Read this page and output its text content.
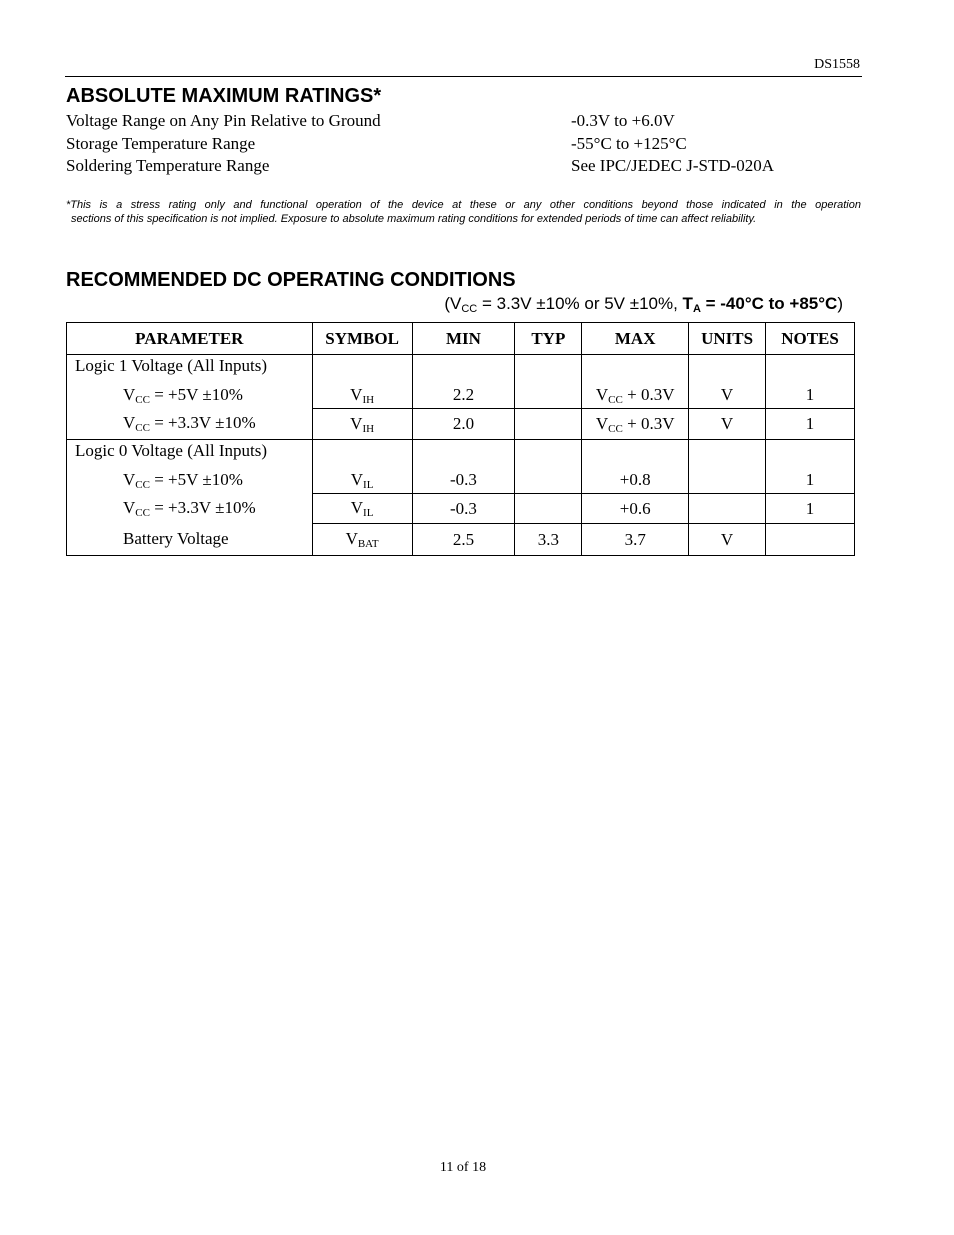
DS1558
ABSOLUTE MAXIMUM RATINGS*
Voltage Range on Any Pin Relative to Ground	-0.3V to +6.0V
Storage Temperature Range	-55°C to +125°C
Soldering Temperature Range	See IPC/JEDEC J-STD-020A
*This is a stress rating only and functional operation of the device at these or any other conditions beyond those indicated in the operation
sections of this specification is not implied. Exposure to absolute maximum rating conditions for extended periods of time can affect reliability.
RECOMMENDED DC OPERATING CONDITIONS
($V_{CC} = 3.3V \pm 10\%$ or 5V ±10%, $T_A = -40^\circ C$ to +85°C)
PARAMETER	SYMBOL	MIN	TYP	MAX	UNITS	NOTES
Logic 1 Voltage (All Inputs)						
$V_{CC} = +5V \pm 10\%$	$V_{IH}$	2.2		$V_{CC} + 0.3V$	V	1
$V_{CC} = +3.3V \pm 10\%$	$V_{IH}$	2.0		$V_{CC} + 0.3V$	V	1
Logic 0 Voltage (All Inputs)						
$V_{CC} = +5V \pm 10\%$	$V_{IL}$	-0.3		+0.8		1
$V_{CC} = +3.3V \pm 10\%$	$V_{IL}$	-0.3		+0.6		1
Battery Voltage	$V_{BAT}$	2.5	3.3	3.7	V	
11 of 18
